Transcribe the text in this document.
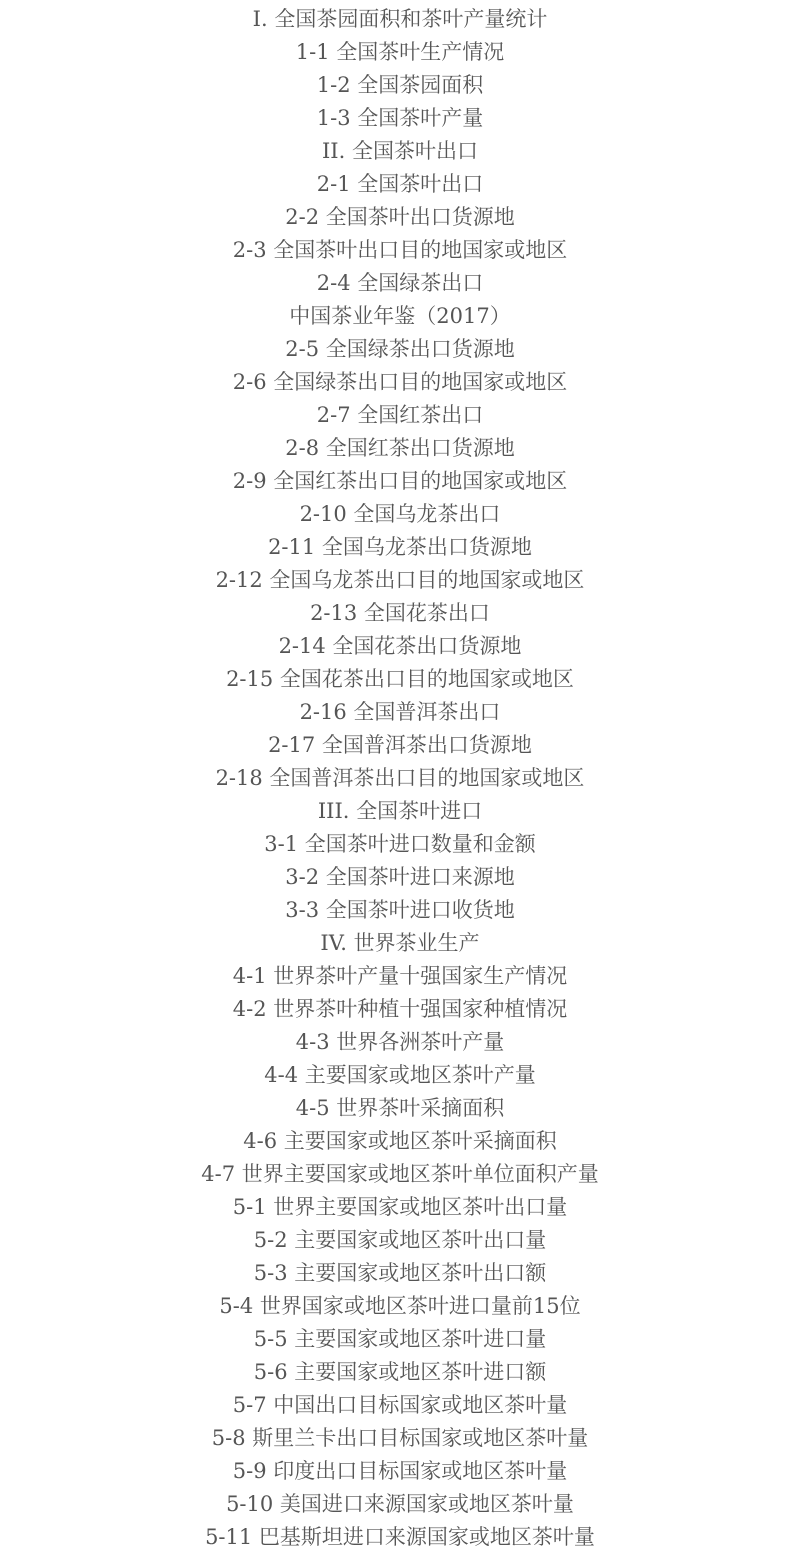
I. 全国茶园面积和茶叶产量统计
1-1 全国茶叶生产情况
1-2 全国茶园面积
1-3 全国茶叶产量
II. 全国茶叶出口
2-1 全国茶叶出口
2-2 全国茶叶出口货源地
2-3 全国茶叶出口目的地国家或地区
2-4 全国绿茶出口
中国茶业年鉴（2017）
2-5 全国绿茶出口货源地
2-6 全国绿茶出口目的地国家或地区
2-7 全国红茶出口
2-8 全国红茶出口货源地
2-9 全国红茶出口目的地国家或地区
2-10 全国乌龙茶出口
2-11 全国乌龙茶出口货源地
2-12 全国乌龙茶出口目的地国家或地区
2-13 全国花茶出口
2-14 全国花茶出口货源地
2-15 全国花茶出口目的地国家或地区
2-16 全国普洱茶出口
2-17 全国普洱茶出口货源地
2-18 全国普洱茶出口目的地国家或地区
III. 全国茶叶进口
3-1 全国茶叶进口数量和金额
3-2 全国茶叶进口来源地
3-3 全国茶叶进口收货地
IV. 世界茶业生产
4-1 世界茶叶产量十强国家生产情况
4-2 世界茶叶种植十强国家种植情况
4-3 世界各洲茶叶产量
4-4 主要国家或地区茶叶产量
4-5 世界茶叶采摘面积
4-6 主要国家或地区茶叶采摘面积
4-7 世界主要国家或地区茶叶单位面积产量
5-1 世界主要国家或地区茶叶出口量
5-2 主要国家或地区茶叶出口量
5-3 主要国家或地区茶叶出口额
5-4 世界国家或地区茶叶进口量前15位
5-5 主要国家或地区茶叶进口量
5-6 主要国家或地区茶叶进口额
5-7 中国出口目标国家或地区茶叶量
5-8 斯里兰卡出口目标国家或地区茶叶量
5-9 印度出口目标国家或地区茶叶量
5-10 美国进口来源国家或地区茶叶量
5-11 巴基斯坦进口来源国家或地区茶叶量
